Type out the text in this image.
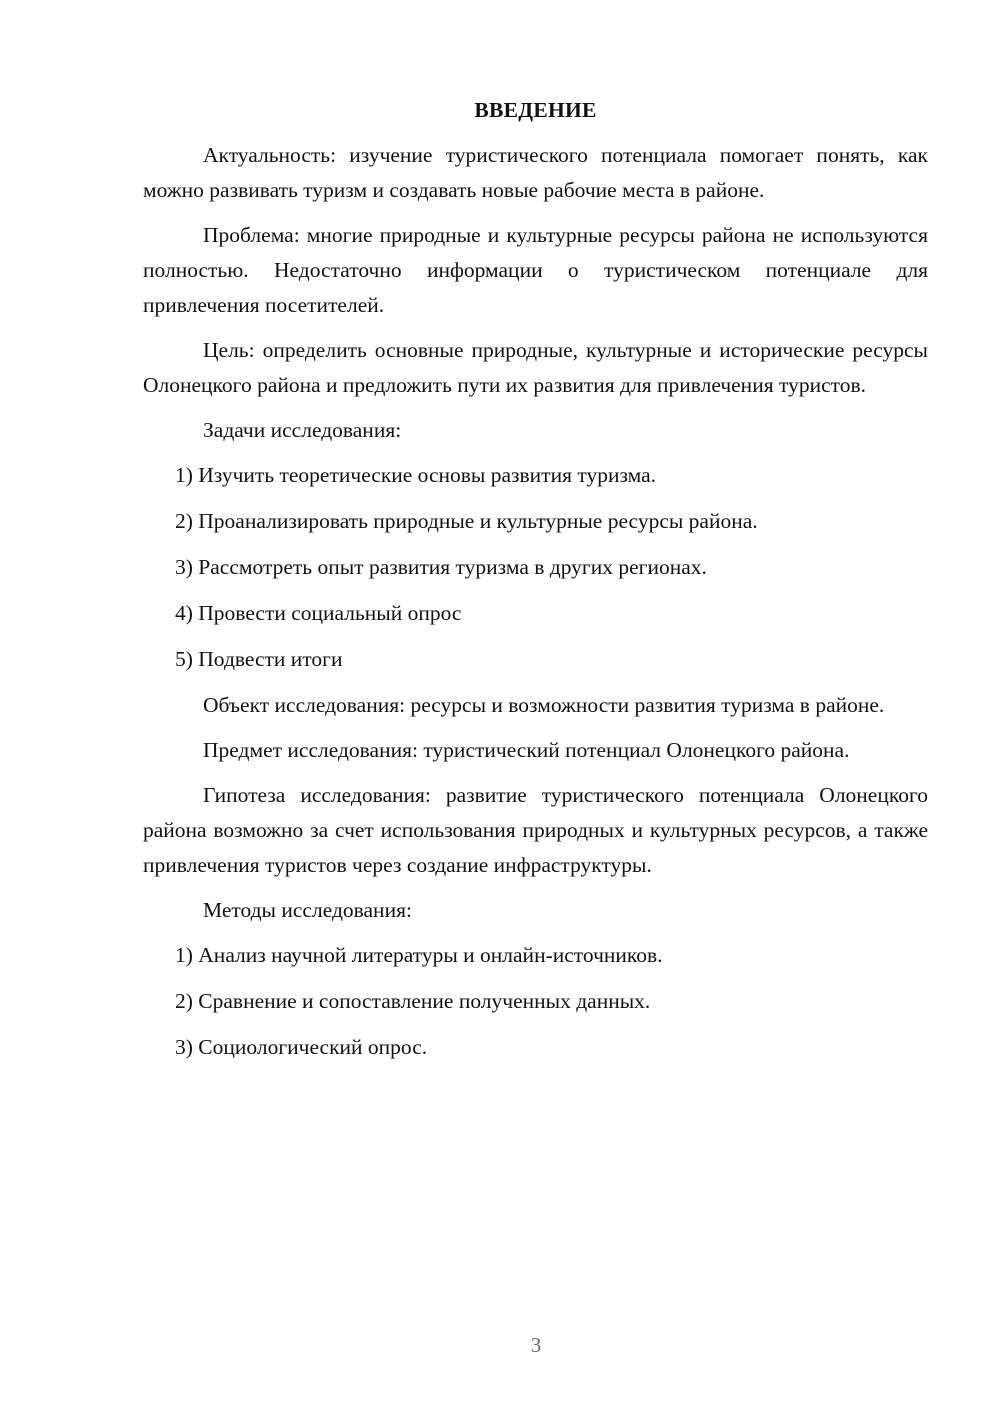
ВВЕДЕНИЕ

Актуальность: изучение туристического потенциала помогает понять, как можно развивать туризм и создавать новые рабочие места в районе.

Проблема: многие природные и культурные ресурсы района не используются полностью. Недостаточно информации о туристическом потенциале для привлечения посетителей.

Цель: определить основные природные, культурные и исторические ресурсы Олонецкого района и предложить пути их развития для привлечения туристов.

Задачи исследования:

1) Изучить теоретические основы развития туризма.

2) Проанализировать природные и культурные ресурсы района.

3) Рассмотреть опыт развития туризма в других регионах.

4) Провести социальный опрос

5) Подвести итоги

Объект исследования: ресурсы и возможности развития туризма в районе.

Предмет исследования: туристический потенциал Олонецкого района.

Гипотеза исследования: развитие туристического потенциала Олонецкого района возможно за счет использования природных и культурных ресурсов, а также привлечения туристов через создание инфраструктуры.

Методы исследования:

1) Анализ научной литературы и онлайн-источников.

2) Сравнение и сопоставление полученных данных.

3) Социологический опрос.

3
